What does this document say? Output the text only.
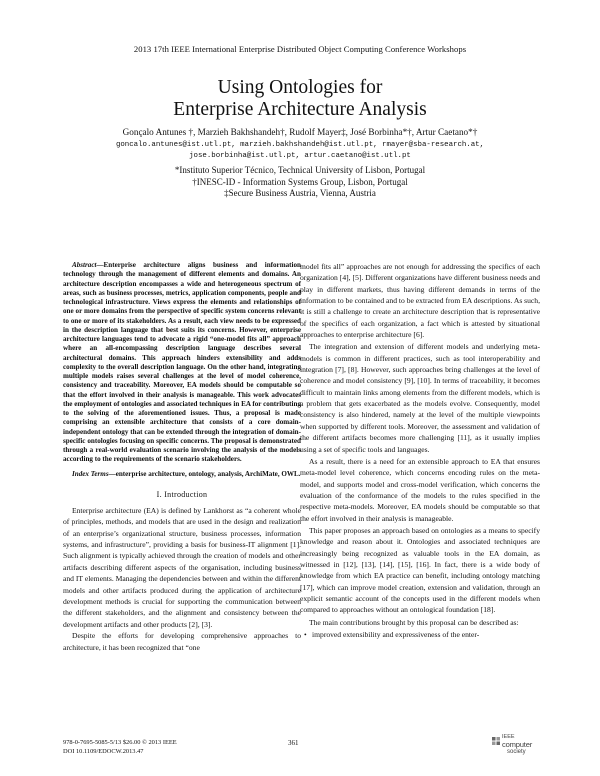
2013 17th IEEE International Enterprise Distributed Object Computing Conference Workshops
Using Ontologies for
Enterprise Architecture Analysis
Gonçalo Antunes †, Marzieh Bakhshandeh†, Rudolf Mayer‡, José Borbinha*†, Artur Caetano*†
goncalo.antunes@ist.utl.pt, marzieh.bakhshandeh@ist.utl.pt, rmayer@sba-research.at,
jose.borbinha@ist.utl.pt, artur.caetano@ist.utl.pt
*Instituto Superior Técnico, Technical University of Lisbon, Portugal
†INESC-ID - Information Systems Group, Lisbon, Portugal
‡Secure Business Austria, Vienna, Austria

Abstract—Enterprise architecture aligns business and information technology through the management of different elements and domains. An architecture description encompasses a wide and heterogeneous spectrum of areas, such as business processes, metrics, application components, people and technological infrastructure. Views express the elements and relationships of one or more domains from the perspective of specific system concerns relevant to one or more of its stakeholders. As a result, each view needs to be expressed in the description language that best suits its concerns. However, enterprise architecture languages tend to advocate a rigid “one-model fits all” approach where an all-encompassing description language describes several architectural domains. This approach hinders extensibility and adds complexity to the overall description language. On the other hand, integrating multiple models raises several challenges at the level of model coherence, consistency and traceability. Moreover, EA models should be computable so that the effort involved in their analysis is manageable. This work advocates the employment of ontologies and associated techniques in EA for contributing to the solving of the aforementioned issues. Thus, a proposal is made comprising an extensible architecture that consists of a core domain-independent ontology that can be extended through the integration of domain-specific ontologies focusing on specific concerns. The proposal is demonstrated through a real-world evaluation scenario involving the analysis of the models according to the requirements of the scenario stakeholders.

Index Terms—enterprise architecture, ontology, analysis, ArchiMate, OWL.

I. Introduction

Enterprise architecture (EA) is defined by Lankhorst as “a coherent whole of principles, methods, and models that are used in the design and realization of an enterprise’s organizational structure, business processes, information systems, and infrastructure”, providing a basis for business-IT alignment [1]. Such alignment is typically achieved through the creation of models and other artifacts describing different aspects of the organisation, including business and IT elements. Managing the dependencies between and within the different models and other artifacts produced during the application of architecture development methods is crucial for supporting the communication between the different stakeholders, and the alignment and consistency between the development artifacts and other products [2], [3].

Despite the efforts for developing comprehensive approaches to architecture, it has been recognized that “one

model fits all” approaches are not enough for addressing the specifics of each organization [4], [5]. Different organizations have different business needs and play in different markets, thus having different demands in terms of the information to be contained and to be extracted from EA descriptions. As such, it is still a challenge to create an architecture description that is representative of the specifics of each organization, a fact which is attested by situational approaches to enterprise architecture [6].

The integration and extension of different models and underlying meta-models is common in different practices, such as tool interoperability and integration [7], [8]. However, such approaches bring challenges at the level of coherence and model consistency [9], [10]. In terms of traceability, it becomes difficult to maintain links among elements from the different models, which is a problem that gets exacerbated as the models evolve. Consequently, model consistency is also hindered, namely at the level of the multiple viewpoints when supported by different tools. Moreover, the assessment and validation of the different artifacts becomes more challenging [11], as it usually implies using a set of specific tools and languages.

As a result, there is a need for an extensible approach to EA that ensures meta-model level coherence, which concerns encoding rules on the meta-model, and supports model and cross-model verification, which concerns the evaluation of the conformance of the models to the rules specified in the respective meta-models. Moreover, EA models should be computable so that the effort involved in their analysis is manageable.

This paper proposes an approach based on ontologies as a means to specify knowledge and reason about it. Ontologies and associated techniques are increasingly being recognized as valuable tools in the EA domain, as witnessed in [12], [13], [14], [15], [16]. In fact, there is a wide body of knowledge from which EA practice can benefit, including ontology matching [17], which can improve model creation, extension and validation, through an explicit semantic account of the concepts used in the different models when compared to approaches without an ontological foundation [18].

The main contributions brought by this proposal can be described as:

• improved extensibility and expressiveness of the enter-
978-0-7695-5085-5/13 $26.00 © 2013 IEEE
DOI 10.1109/EDOCW.2013.47
361
IEEE
computer
society
